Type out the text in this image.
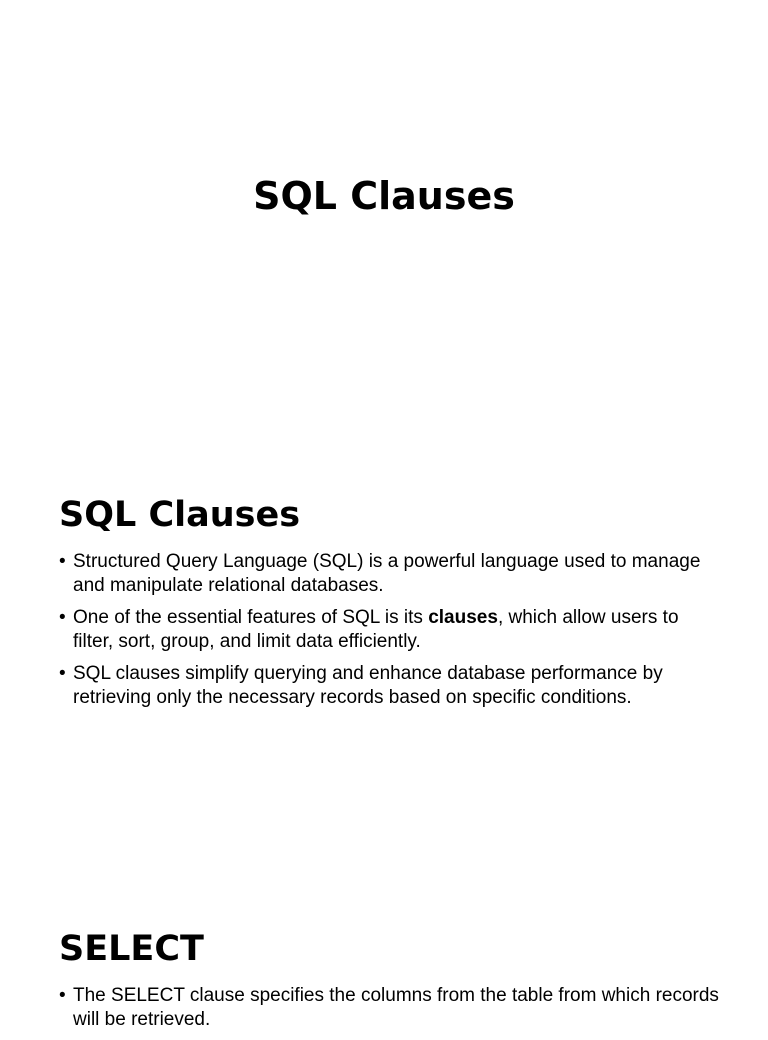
SQL Clauses
SQL Clauses
• Structured Query Language (SQL) is a powerful language used to manage and manipulate relational databases.
• One of the essential features of SQL is its clauses, which allow users to filter, sort, group, and limit data efficiently.
• SQL clauses simplify querying and enhance database performance by retrieving only the necessary records based on specific conditions.
SELECT
• The SELECT clause specifies the columns from the table from which records will be retrieved.
